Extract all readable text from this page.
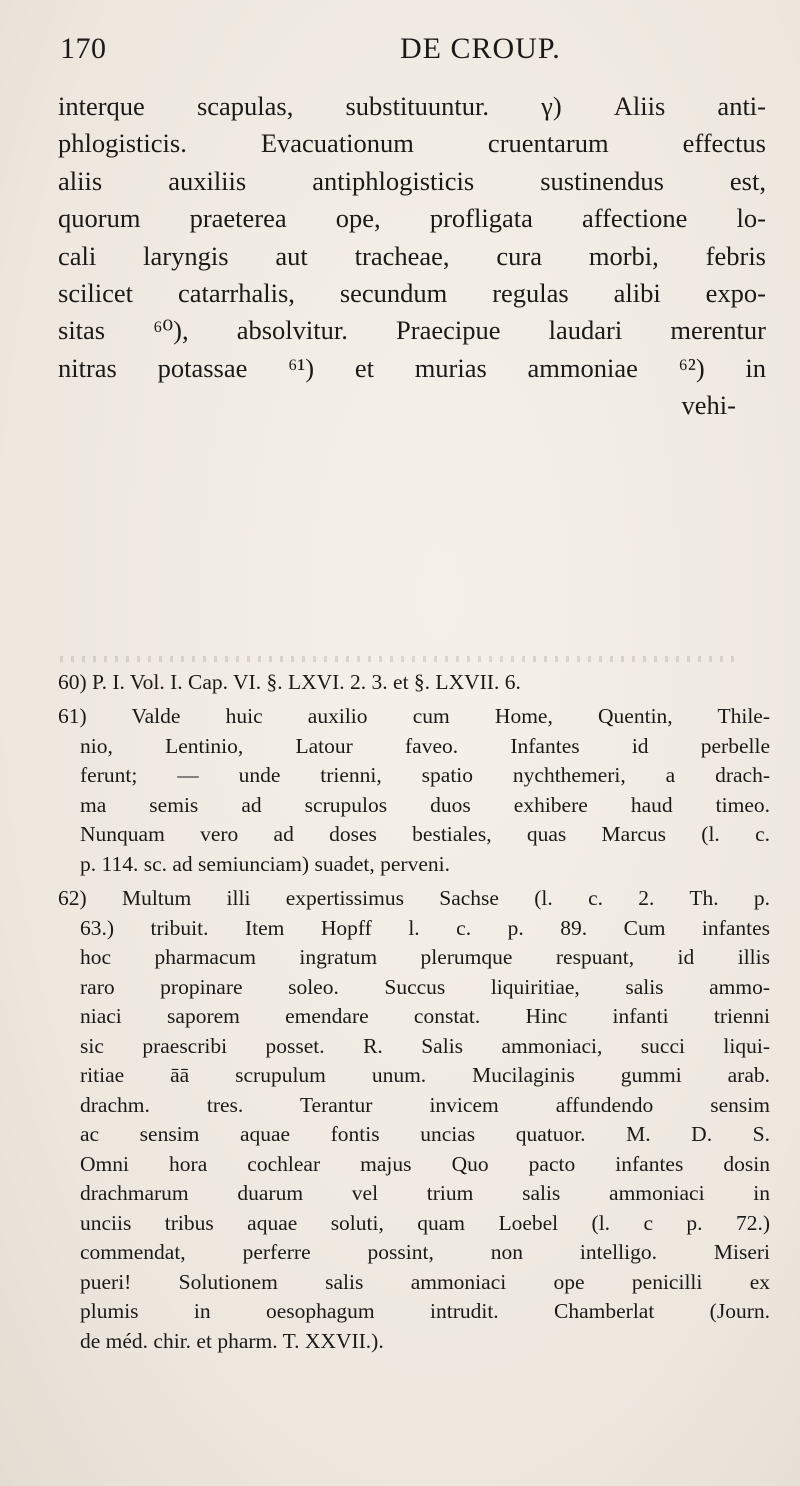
170	DE CROUP.
interque scapulas, substituuntur. γ) Aliis anti-
phlogisticis. Evacuationum cruentarum effectus
aliis auxiliis antiphlogisticis sustinendus est,
quorum praeterea ope, profligata affectione lo-
cali laryngis aut tracheae, cura morbi, febris
scilicet catarrhalis, secundum regulas alibi expo-
sitas ⁶⁰), absolvitur. Praecipue laudari merentur
nitras potassae ⁶¹) et murias ammoniae ⁶²) in
vehi-
60) P. I. Vol. I. Cap. VI. §. LXVI. 2. 3. et §. LXVII. 6.
61) Valde huic auxilio cum Home, Quentin, Thile-
nio, Lentinio, Latour faveo. Infantes id perbelle
ferunt; — unde trienni, spatio nychthemeri, a drach-
ma semis ad scrupulos duos exhibere haud timeo.
Nunquam vero ad doses bestiales, quas Marcus (l. c.
p. 114. sc. ad semiunciam) suadet, perveni.
62) Multum illi expertissimus Sachse (l. c. 2. Th. p.
63.) tribuit. Item Hopff l. c. p. 89. Cum infantes
hoc pharmacum ingratum plerumque respuant, id illis
raro propinare soleo. Succus liquiritiae, salis ammo-
niaci saporem emendare constat. Hinc infanti trienni
sic praescribi posset. R. Salis ammoniaci, succi liqui-
ritiae āā scrupulum unum. Mucilaginis gummi arab.
drachm. tres. Terantur invicem affundendo sensim
ac sensim aquae fontis uncias quatuor. M. D. S.
Omni hora cochlear majus Quo pacto infantes dosin
drachmarum duarum vel trium salis ammoniaci in
unciis tribus aquae soluti, quam Loebel (l. c p. 72.)
commendat, perferre possint, non intelligo. Miseri
pueri! Solutionem salis ammoniaci ope penicilli ex
plumis in oesophagum intrudit. Chamberlat (Journ.
de méd. chir. et pharm. T. XXVII.).
